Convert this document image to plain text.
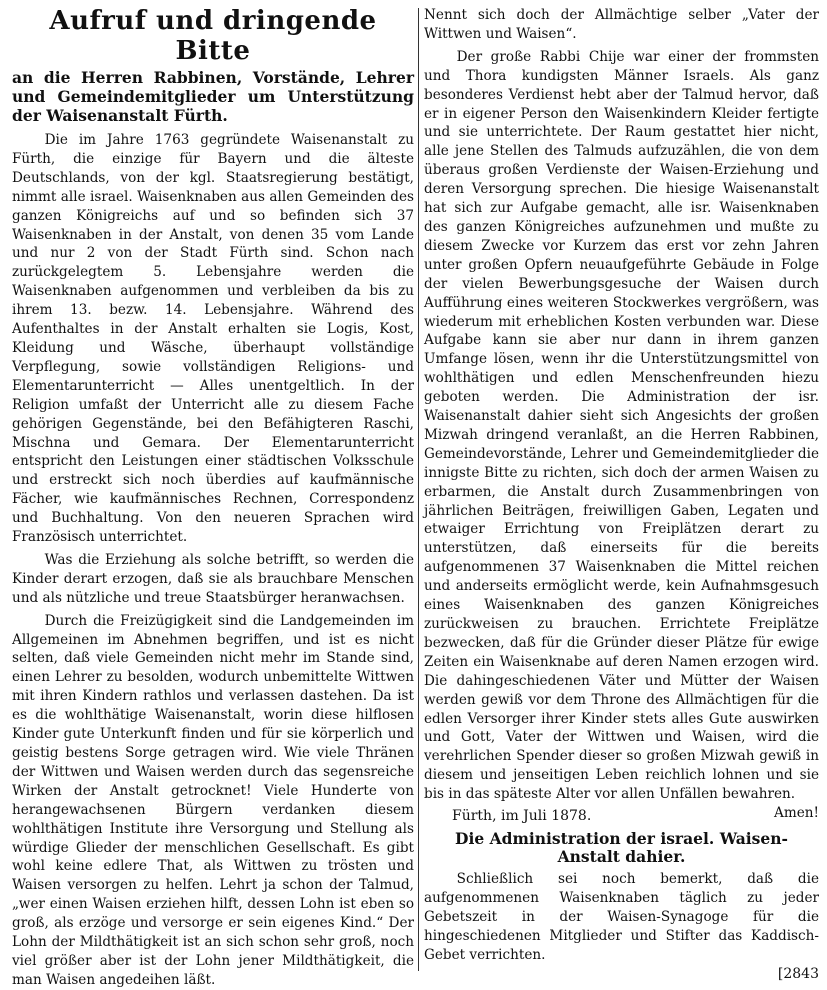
Aufruf und dringende Bitte
an die Herren Rabbinen, Vorstände, Lehrer und Gemeindemitglieder um Unterstützung der Waisenanstalt Fürth.

Die im Jahre 1763 gegründete Waisenanstalt zu Fürth, die einzige für Bayern und die älteste Deutschlands, von der kgl. Staatsregierung bestätigt, nimmt alle israel. Waisenknaben aus allen Gemeinden des ganzen Königreichs auf und so befinden sich 37 Waisenknaben in der Anstalt, von denen 35 vom Lande und nur 2 von der Stadt Fürth sind. Schon nach zurückgelegtem 5. Lebensjahre werden die Waisenknaben aufgenommen und verbleiben da bis zu ihrem 13. bezw. 14. Lebensjahre. Während des Aufenthaltes in der Anstalt erhalten sie Logis, Kost, Kleidung und Wäsche, überhaupt vollständige Verpflegung, sowie vollständigen Religions- und Elementarunterricht — Alles unentgeltlich. In der Religion umfaßt der Unterricht alle zu diesem Fache gehörigen Gegenstände, bei den Befähigteren Raschi, Mischna und Gemara. Der Elementarunterricht entspricht den Leistungen einer städtischen Volksschule und erstreckt sich noch überdies auf kaufmännische Fächer, wie kaufmännisches Rechnen, Correspondenz und Buchhaltung. Von den neueren Sprachen wird Französisch unterrichtet.

Was die Erziehung als solche betrifft, so werden die Kinder derart erzogen, daß sie als brauchbare Menschen und als nützliche und treue Staatsbürger heranwachsen.

Durch die Freizügigkeit sind die Landgemeinden im Allgemeinen im Abnehmen begriffen, und ist es nicht selten, daß viele Gemeinden nicht mehr im Stande sind, einen Lehrer zu besolden, wodurch unbemittelte Wittwen mit ihren Kindern rathlos und verlassen dastehen. Da ist es die wohlthätige Waisenanstalt, worin diese hilflosen Kinder gute Unterkunft finden und für sie körperlich und geistig bestens Sorge getragen wird. Wie viele Thränen der Wittwen und Waisen werden durch das segensreiche Wirken der Anstalt getrocknet! Viele Hunderte von herangewachsenen Bürgern verdanken diesem wohlthätigen Institute ihre Versorgung und Stellung als würdige Glieder der menschlichen Gesellschaft. Es gibt wohl keine edlere That, als Wittwen zu trösten und Waisen versorgen zu helfen. Lehrt ja schon der Talmud, „wer einen Waisen erziehen hilft, dessen Lohn ist eben so groß, als erzöge und versorge er sein eigenes Kind.“ Der Lohn der Mildthätigkeit ist an sich schon sehr groß, noch viel größer aber ist der Lohn jener Mildthätigkeit, die man Waisen angedeihen läßt.

Nennt sich doch der Allmächtige selber „Vater der Wittwen und Waisen“.

Der große Rabbi Chije war einer der frommsten und Thora kundigsten Männer Israels. Als ganz besonderes Verdienst hebt aber der Talmud hervor, daß er in eigener Person den Waisenkindern Kleider fertigte und sie unterrichtete. Der Raum gestattet hier nicht, alle jene Stellen des Talmuds aufzuzählen, die von dem überaus großen Verdienste der Waisen-Erziehung und deren Versorgung sprechen. Die hiesige Waisenanstalt hat sich zur Aufgabe gemacht, alle isr. Waisenknaben des ganzen Königreiches aufzunehmen und mußte zu diesem Zwecke vor Kurzem das erst vor zehn Jahren unter großen Opfern neuaufgeführte Gebäude in Folge der vielen Bewerbungsgesuche der Waisen durch Aufführung eines weiteren Stockwerkes vergrößern, was wiederum mit erheblichen Kosten verbunden war. Diese Aufgabe kann sie aber nur dann in ihrem ganzen Umfange lösen, wenn ihr die Unterstützungsmittel von wohlthätigen und edlen Menschenfreunden hiezu geboten werden. Die Administration der isr. Waisenanstalt dahier sieht sich Angesichts der großen Mizwah dringend veranlaßt, an die Herren Rabbinen, Gemeindevorstände, Lehrer und Gemeindemitglieder die innigste Bitte zu richten, sich doch der armen Waisen zu erbarmen, die Anstalt durch Zusammenbringen von jährlichen Beiträgen, freiwilligen Gaben, Legaten und etwaiger Errichtung von Freiplätzen derart zu unterstützen, daß einerseits für die bereits aufgenommenen 37 Waisenknaben die Mittel reichen und anderseits ermöglicht werde, kein Aufnahmsgesuch eines Waisenknaben des ganzen Königreiches zurückweisen zu brauchen. Errichtete Freiplätze bezwecken, daß für die Gründer dieser Plätze für ewige Zeiten ein Waisenknabe auf deren Namen erzogen wird. Die dahingeschiedenen Väter und Mütter der Waisen werden gewiß vor dem Throne des Allmächtigen für die edlen Versorger ihrer Kinder stets alles Gute auswirken und Gott, Vater der Wittwen und Waisen, wird die verehrlichen Spender dieser so großen Mizwah gewiß in diesem und jenseitigen Leben reichlich lohnen und sie bis in das späteste Alter vor allen Unfällen bewahren.
Amen!

Fürth, im Juli 1878.

Die Administration der israel. Waisen-Anstalt dahier.

Schließlich sei noch bemerkt, daß die aufgenommenen Waisenknaben täglich zu jeder Gebetszeit in der Waisen-Synagoge für die hingeschiedenen Mitglieder und Stifter das Kaddisch-Gebet verrichten.

[2843
